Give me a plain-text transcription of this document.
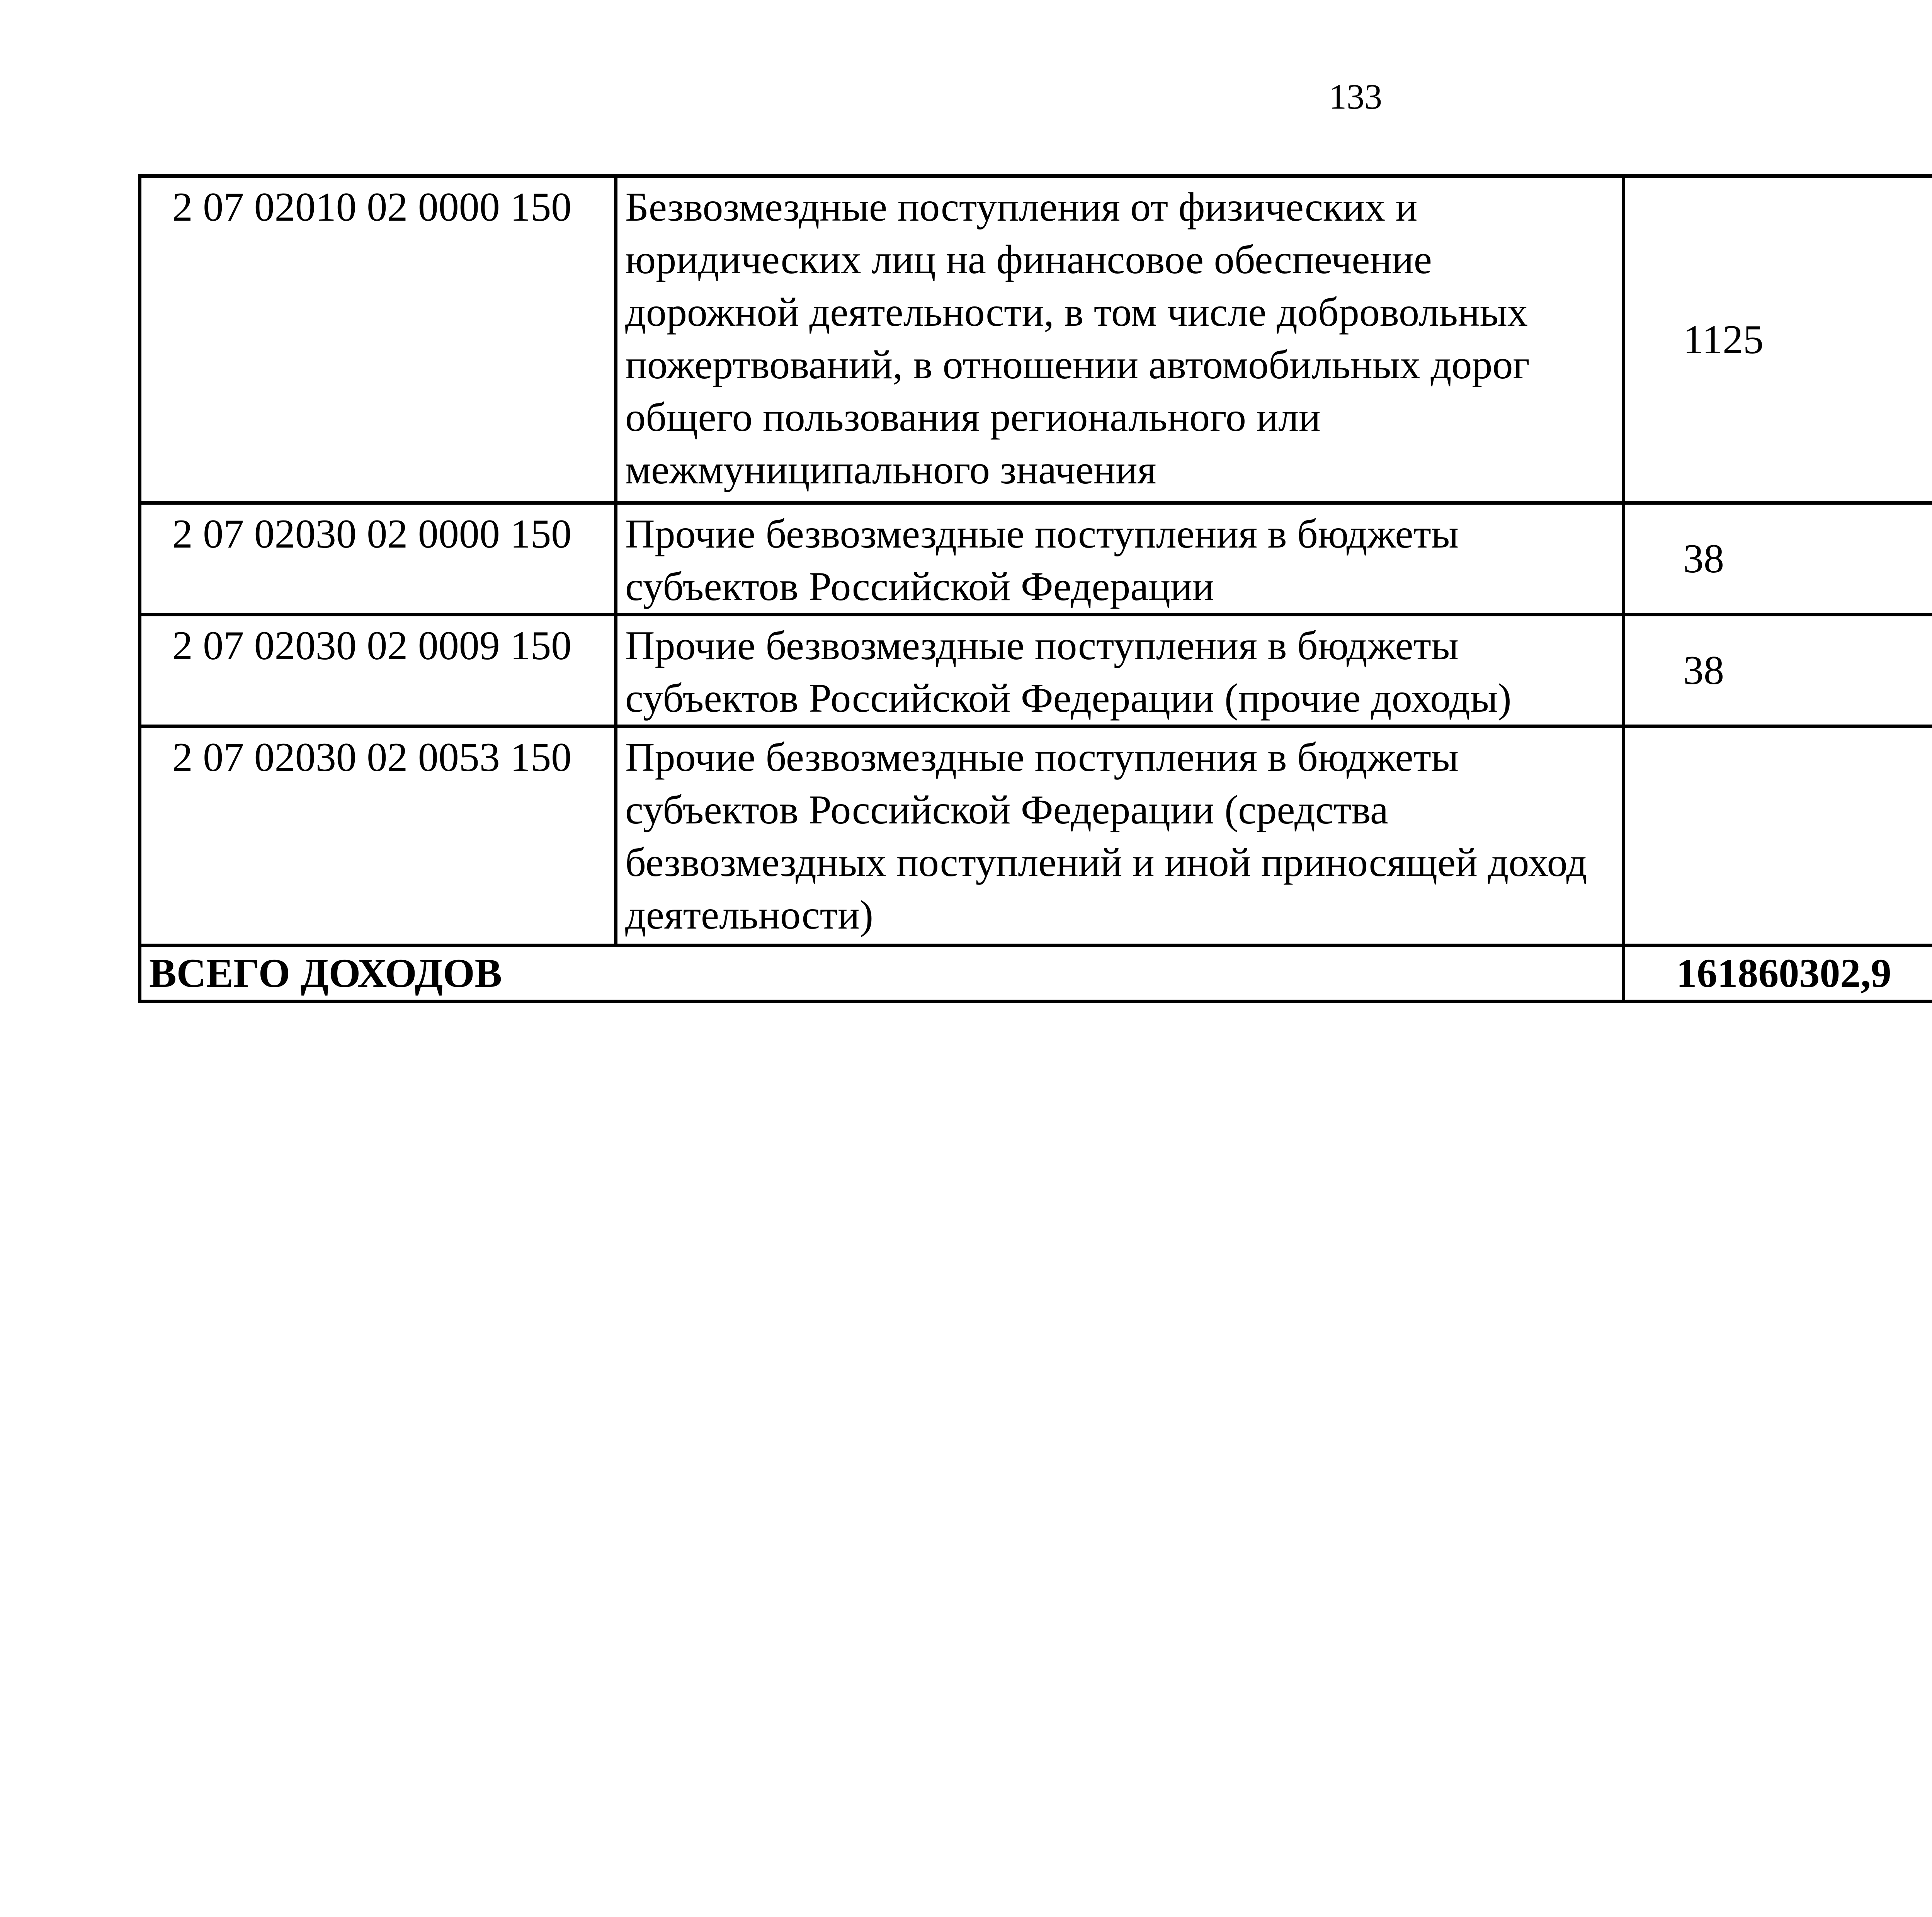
133
2 07 02010 02 0000 150	Безвозмездные поступления от физических и юридических лиц на финансовое обеспечение дорожной деятельности, в том числе добровольных пожертвований, в отношении автомобильных дорог общего пользования регионального или межмуниципального значения	1125		
2 07 02030 02 0000 150	Прочие безвозмездные поступления в бюджеты субъектов Российской Федерации	38		
2 07 02030 02 0009 150	Прочие безвозмездные поступления в бюджеты субъектов Российской Федерации (прочие доходы)	38		
2 07 02030 02 0053 150	Прочие безвозмездные поступления в бюджеты субъектов Российской Федерации (средства безвозмездных поступлений и иной приносящей доход деятельности)			
ВСЕГО ДОХОДОВ		161860302,9		
